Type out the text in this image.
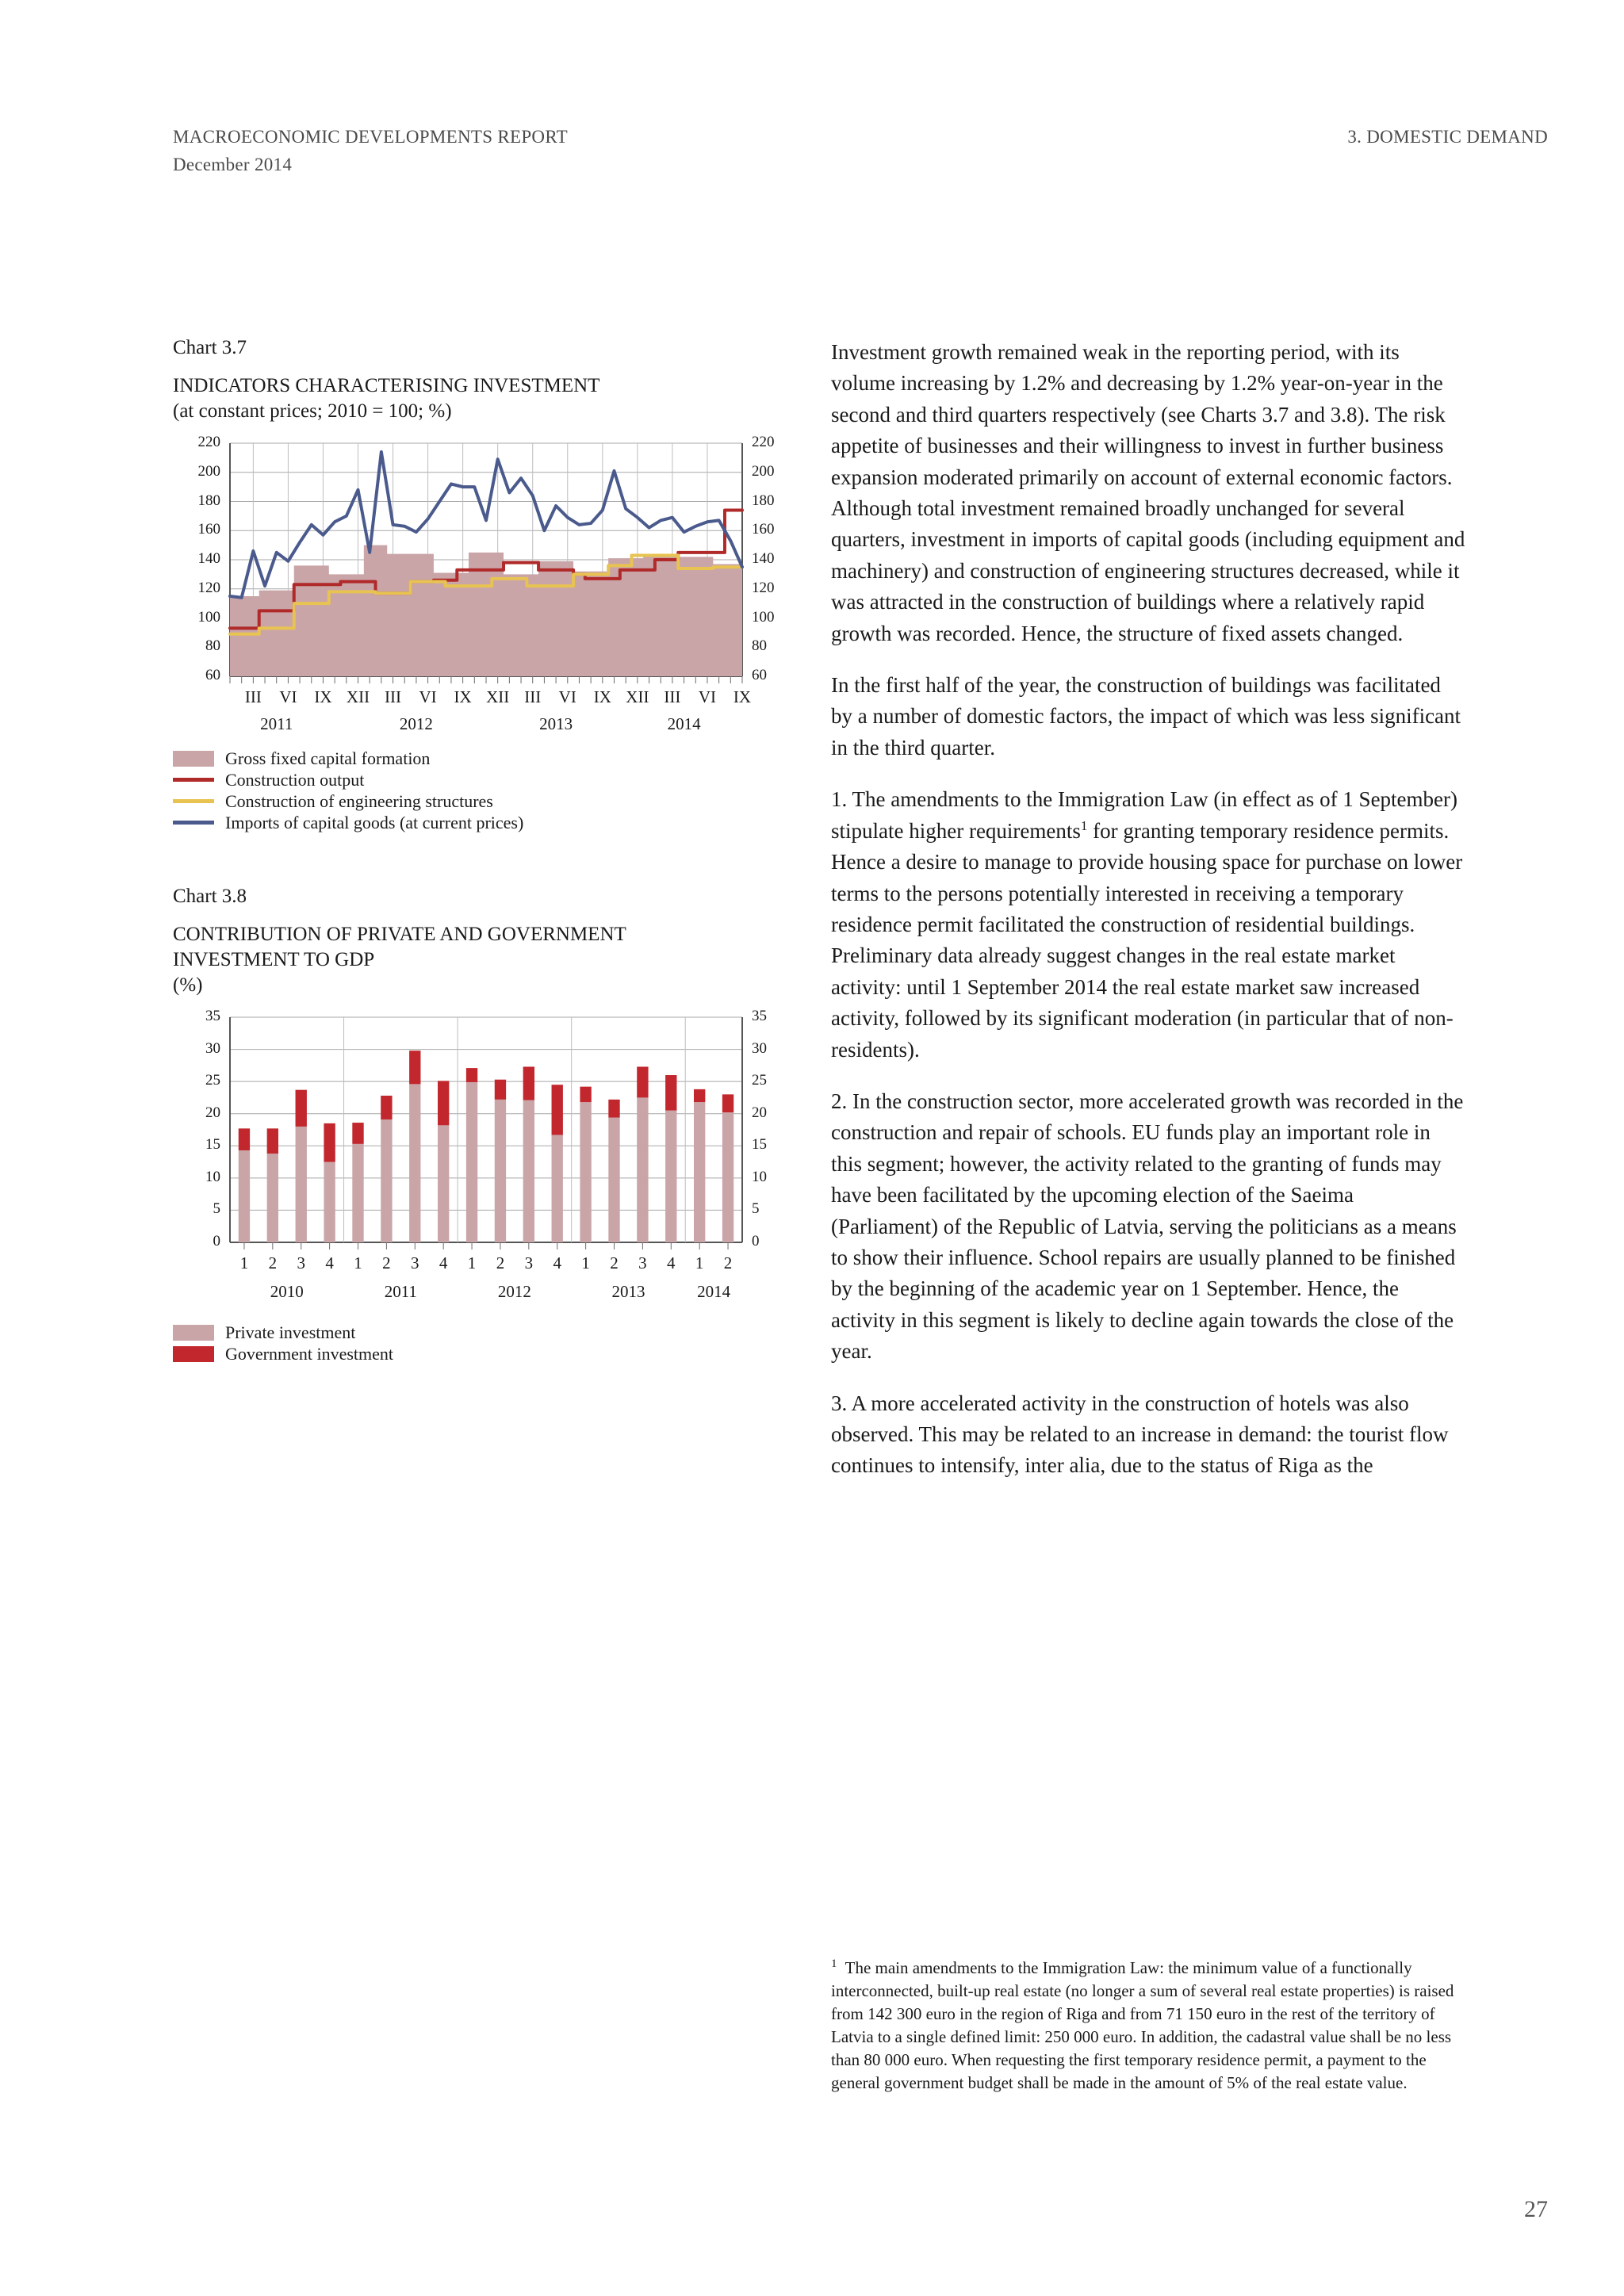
MACROECONOMIC DEVELOPMENTS REPORT
December 2014
3. DOMESTIC DEMAND
Chart 3.7
INDICATORS CHARACTERISING INVESTMENT
(at constant prices; 2010 = 100; %)
60	60
80	80
100	100
120	120
140	140
160	160
180	180
200	200
220	220
III VI IX XII III VI IX XII III VI IX XII III VI IX
2011	2012	2013	2014
Gross fixed capital formation
Construction output
Construction of engineering structures
Imports of capital goods (at current prices)
Chart 3.8
CONTRIBUTION OF PRIVATE AND GOVERNMENT INVESTMENT TO GDP
(%)
0	0
5	5
10	10
15	15
20	20
25	25
30	30
35	35
1 2 3 4 1 2 3 4 1 2 3 4 1 2 3 4 1 2
2010	2011	2012	2013	2014
Private investment
Government investment

Investment growth remained weak in the reporting period, with its volume increasing by 1.2% and decreasing by 1.2% year-on-year in the second and third quarters respectively (see Charts 3.7 and 3.8). The risk appetite of businesses and their willingness to invest in further business expansion moderated primarily on account of external economic factors. Although total investment remained broadly unchanged for several quarters, investment in imports of capital goods (including equipment and machinery) and construction of engineering structures decreased, while it was attracted in the construction of buildings where a relatively rapid growth was recorded. Hence, the structure of fixed assets changed.

In the first half of the year, the construction of buildings was facilitated by a number of domestic factors, the impact of which was less significant in the third quarter.

1. The amendments to the Immigration Law (in effect as of 1 September) stipulate higher requirements$^1$ for granting temporary residence permits. Hence a desire to manage to provide housing space for purchase on lower terms to the persons potentially interested in receiving a temporary residence permit facilitated the construction of residential buildings. Preliminary data already suggest changes in the real estate market activity: until 1 September 2014 the real estate market saw increased activity, followed by its significant moderation (in particular that of non-residents).

2. In the construction sector, more accelerated growth was recorded in the construction and repair of schools. EU funds play an important role in this segment; however, the activity related to the granting of funds may have been facilitated by the upcoming election of the Saeima (Parliament) of the Republic of Latvia, serving the politicians as a means to show their influence. School repairs are usually planned to be finished by the beginning of the academic year on 1 September. Hence, the activity in this segment is likely to decline again towards the close of the year.

3. A more accelerated activity in the construction of hotels was also observed. This may be related to an increase in demand: the tourist flow continues to intensify, inter alia, due to the status of Riga as the

$^1$ The main amendments to the Immigration Law: the minimum value of a functionally interconnected, built-up real estate (no longer a sum of several real estate properties) is raised from 142 300 euro in the region of Riga and from 71 150 euro in the rest of the territory of Latvia to a single defined limit: 250 000 euro. In addition, the cadastral value shall be no less than 80 000 euro. When requesting the first temporary residence permit, a payment to the general government budget shall be made in the amount of 5% of the real estate value.

27
